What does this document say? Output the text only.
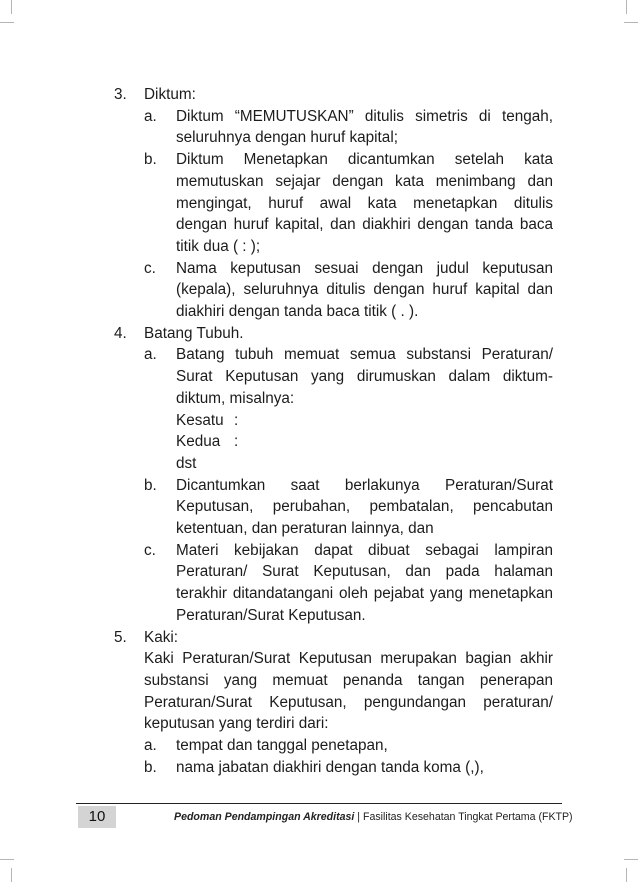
3. Diktum:
a. Diktum “MEMUTUSKAN” ditulis simetris di tengah,
seluruhnya dengan huruf kapital;
b. Diktum Menetapkan dicantumkan setelah kata
memutuskan sejajar dengan kata menimbang dan
mengingat, huruf awal kata menetapkan ditulis
dengan huruf kapital, dan diakhiri dengan tanda baca
titik dua ( : );
c. Nama keputusan sesuai dengan judul keputusan
(kepala), seluruhnya ditulis dengan huruf kapital dan
diakhiri dengan tanda baca titik ( . ).
4. Batang Tubuh.
a. Batang tubuh memuat semua substansi Peraturan/
Surat Keputusan yang dirumuskan dalam diktum-
diktum, misalnya:
Kesatu :
Kedua :
dst
b. Dicantumkan saat berlakunya Peraturan/Surat
Keputusan, perubahan, pembatalan, pencabutan
ketentuan, dan peraturan lainnya, dan
c. Materi kebijakan dapat dibuat sebagai lampiran
Peraturan/ Surat Keputusan, dan pada halaman
terakhir ditandatangani oleh pejabat yang menetapkan
Peraturan/Surat Keputusan.
5. Kaki:
Kaki Peraturan/Surat Keputusan merupakan bagian akhir
substansi yang memuat penanda tangan penerapan
Peraturan/Surat Keputusan, pengundangan peraturan/
keputusan yang terdiri dari:
a. tempat dan tanggal penetapan,
b. nama jabatan diakhiri dengan tanda koma (,),
10	Pedoman Pendampingan Akreditasi | Fasilitas Kesehatan Tingkat Pertama (FKTP)
